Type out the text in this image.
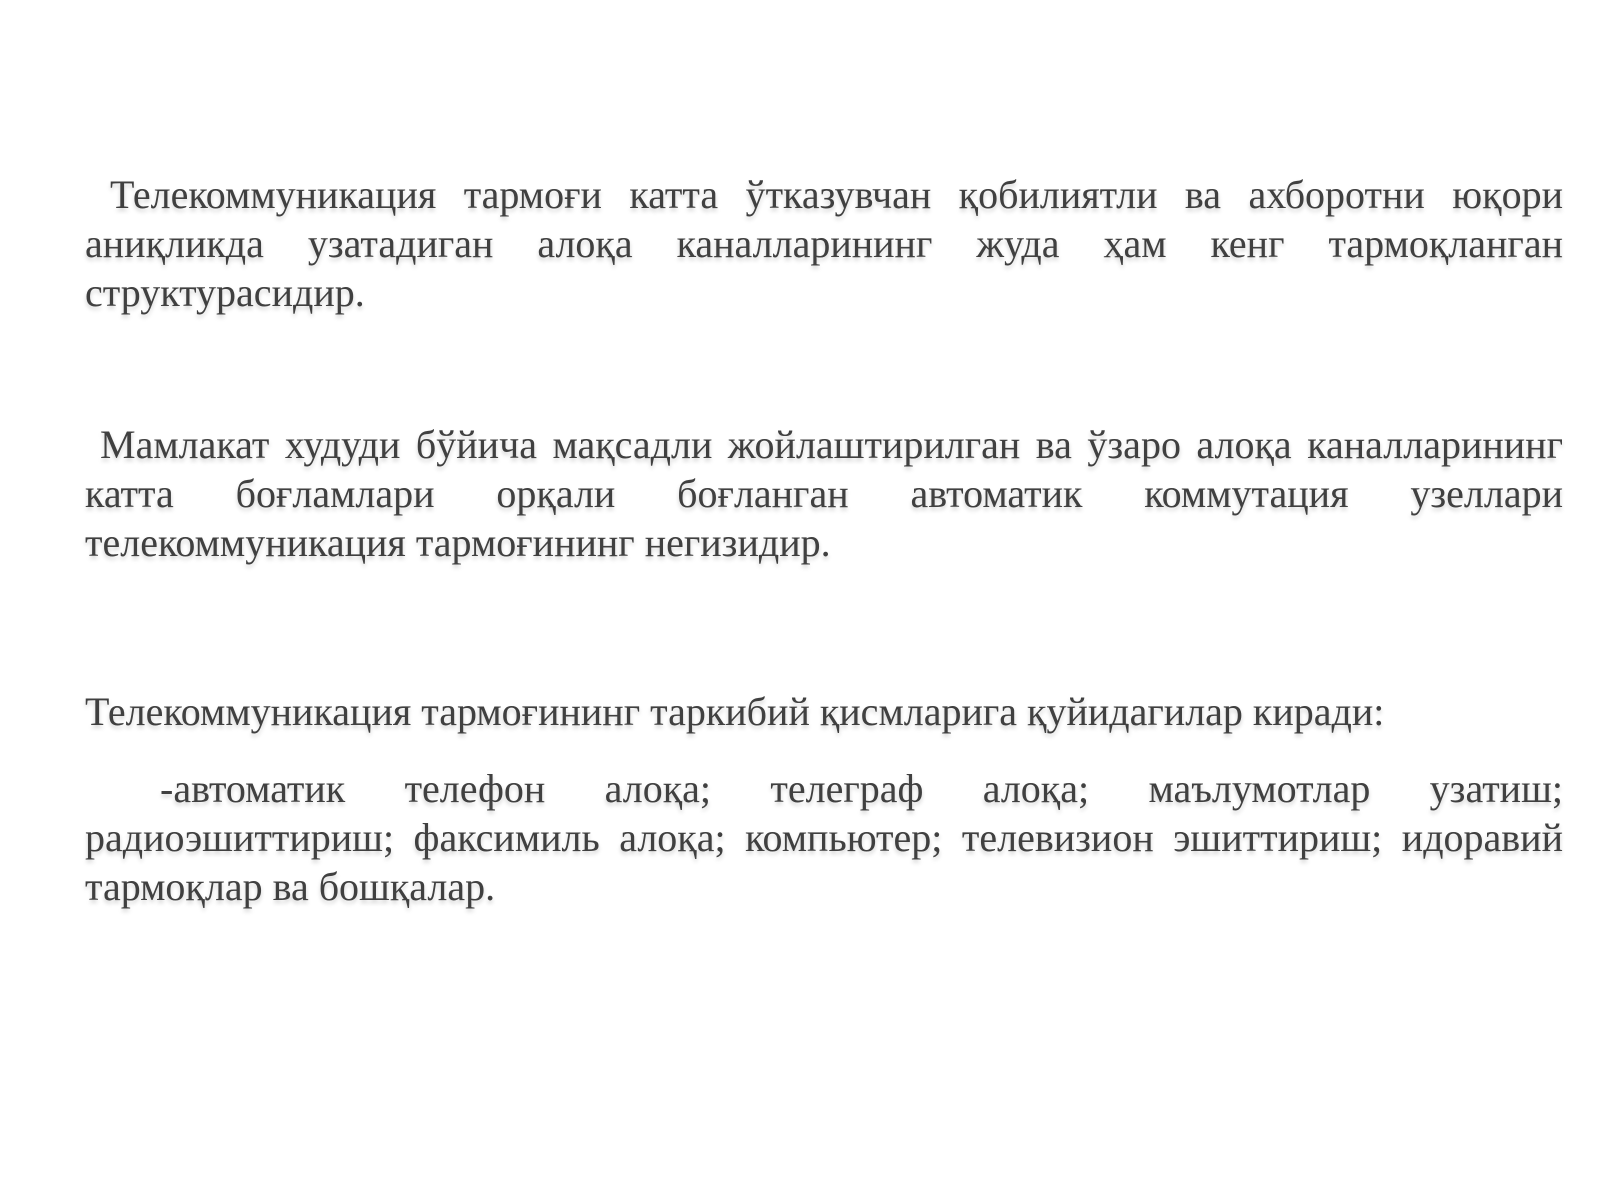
Телекоммуникация тармоғи катта ўтказувчан қобилиятли ва ахборотни юқори аниқликда узатадиган алоқа каналларининг жуда ҳам кенг тармоқланган структурасидир.

Мамлакат худуди бўйича мақсадли жойлаштирилган ва ўзаро алоқа каналларининг катта боғламлари орқали боғланган автоматик коммутация узеллари телекоммуникация тармоғининг негизидир.

Телекоммуникация тармоғининг таркибий қисмларига қуйидагилар киради:

-автоматик телефон алоқа; телеграф алоқа; маълумотлар узатиш; радиоэшиттириш; факсимиль алоқа; компьютер; телевизион эшиттириш; идоравий тармоқлар ва бошқалар.
